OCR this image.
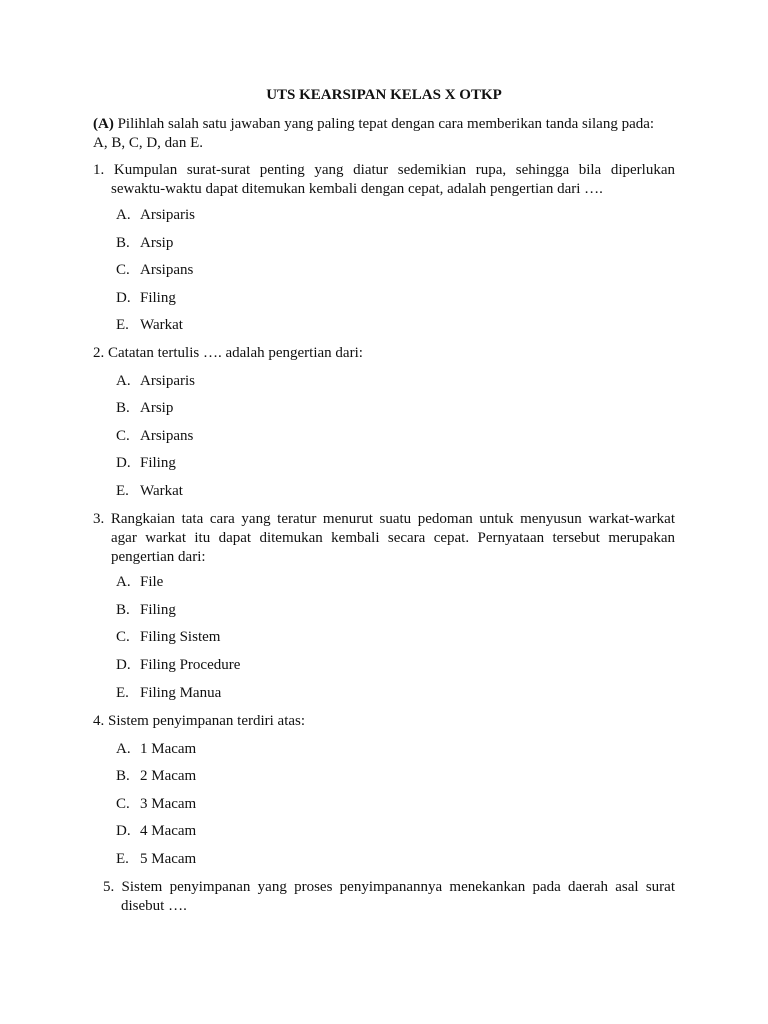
UTS KEARSIPAN KELAS X OTKP
(A) Pilihlah salah satu jawaban yang paling tepat dengan cara memberikan tanda silang pada:
A, B, C, D, dan E.
1. Kumpulan surat-surat penting yang diatur sedemikian rupa, sehingga bila diperlukan
sewaktu-waktu dapat ditemukan kembali dengan cepat, adalah pengertian dari ….
A. Arsiparis
B. Arsip
C. Arsipans
D. Filing
E. Warkat
2. Catatan tertulis …. adalah pengertian dari:
A. Arsiparis
B. Arsip
C. Arsipans
D. Filing
E. Warkat
3. Rangkaian tata cara yang teratur menurut suatu pedoman untuk menyusun warkat-warkat
agar warkat itu dapat ditemukan kembali secara cepat. Pernyataan tersebut merupakan
pengertian dari:
A. File
B. Filing
C. Filing Sistem
D. Filing Procedure
E. Filing Manua
4. Sistem penyimpanan terdiri atas:
A. 1 Macam
B. 2 Macam
C. 3 Macam
D. 4 Macam
E. 5 Macam
5. Sistem penyimpanan yang proses penyimpanannya menekankan pada daerah asal surat
disebut ….
